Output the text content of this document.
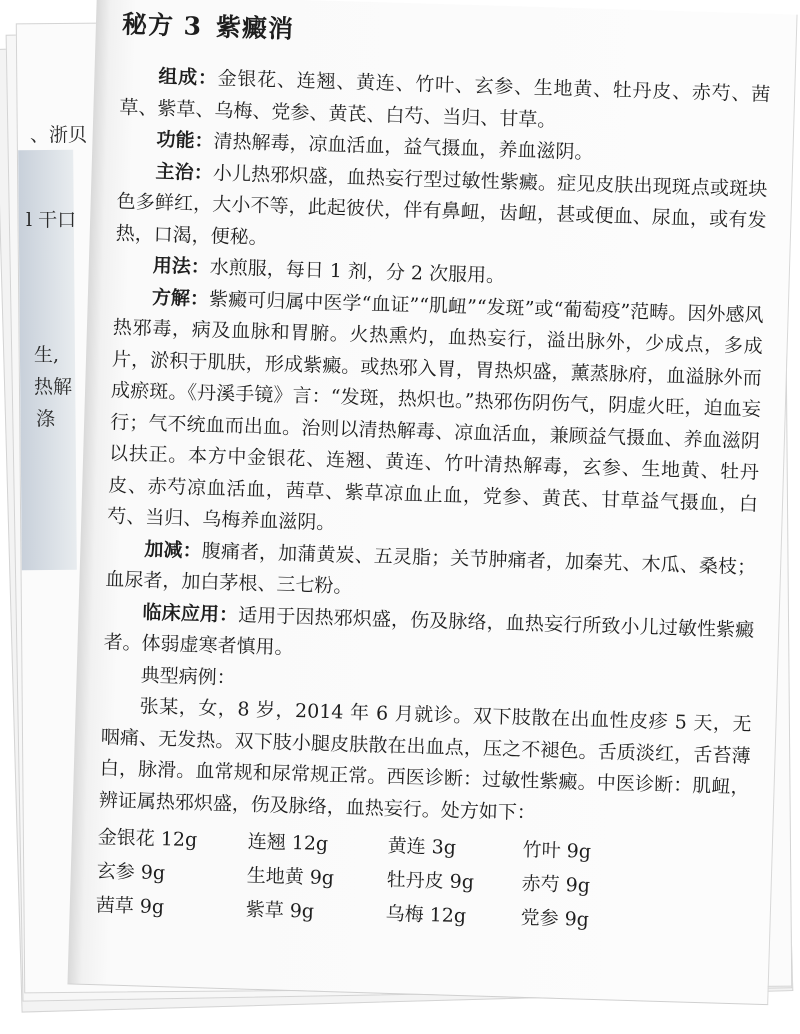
、浙贝
l 干口
生,
热解
涤
秘方 3 紫癜消

组成：金银花、连翘、黄连、竹叶、玄参、生地黄、牡丹皮、赤芍、茜草、紫草、乌梅、党参、黄芪、白芍、当归、甘草。

功能：清热解毒，凉血活血，益气摄血，养血滋阴。

主治：小儿热邪炽盛，血热妄行型过敏性紫癜。症见皮肤出现斑点或斑块色多鲜红，大小不等，此起彼伏，伴有鼻衄，齿衄，甚或便血、尿血，或有发热，口渴，便秘。

用法：水煎服，每日 1 剂，分 2 次服用。

方解：紫癜可归属中医学“血证”“肌衄”“发斑”或“葡萄疫”范畴。因外感风热邪毒，病及血脉和胃腑。火热熏灼，血热妄行，溢出脉外，少成点，多成片，淤积于肌肤，形成紫癜。或热邪入胃，胃热炽盛，薰蒸脉府，血溢脉外而成瘀斑。《丹溪手镜》言：“发斑，热炽也。”热邪伤阴伤气，阴虚火旺，迫血妄行；气不统血而出血。治则以清热解毒、凉血活血，兼顾益气摄血、养血滋阴以扶正。本方中金银花、连翘、黄连、竹叶清热解毒，玄参、生地黄、牡丹皮、赤芍凉血活血，茜草、紫草凉血止血，党参、黄芪、甘草益气摄血，白芍、当归、乌梅养血滋阴。

加减：腹痛者，加蒲黄炭、五灵脂；关节肿痛者，加秦艽、木瓜、桑枝；血尿者，加白茅根、三七粉。

临床应用：适用于因热邪炽盛，伤及脉络，血热妄行所致小儿过敏性紫癜者。体弱虚寒者慎用。

典型病例：

张某，女，8 岁，2014 年 6 月就诊。双下肢散在出血性皮疹 5 天，无咽痛、无发热。双下肢小腿皮肤散在出血点，压之不褪色。舌质淡红，舌苔薄白，脉滑。血常规和尿常规正常。西医诊断：过敏性紫癜。中医诊断：肌衄，辨证属热邪炽盛，伤及脉络，血热妄行。处方如下：

金银花 12g	连翘 12g	黄连 3g	竹叶 9g
玄参 9g	生地黄 9g	牡丹皮 9g 赤芍 9g
茜草 9g	紫草 9g	乌梅 12g	党参 9g
